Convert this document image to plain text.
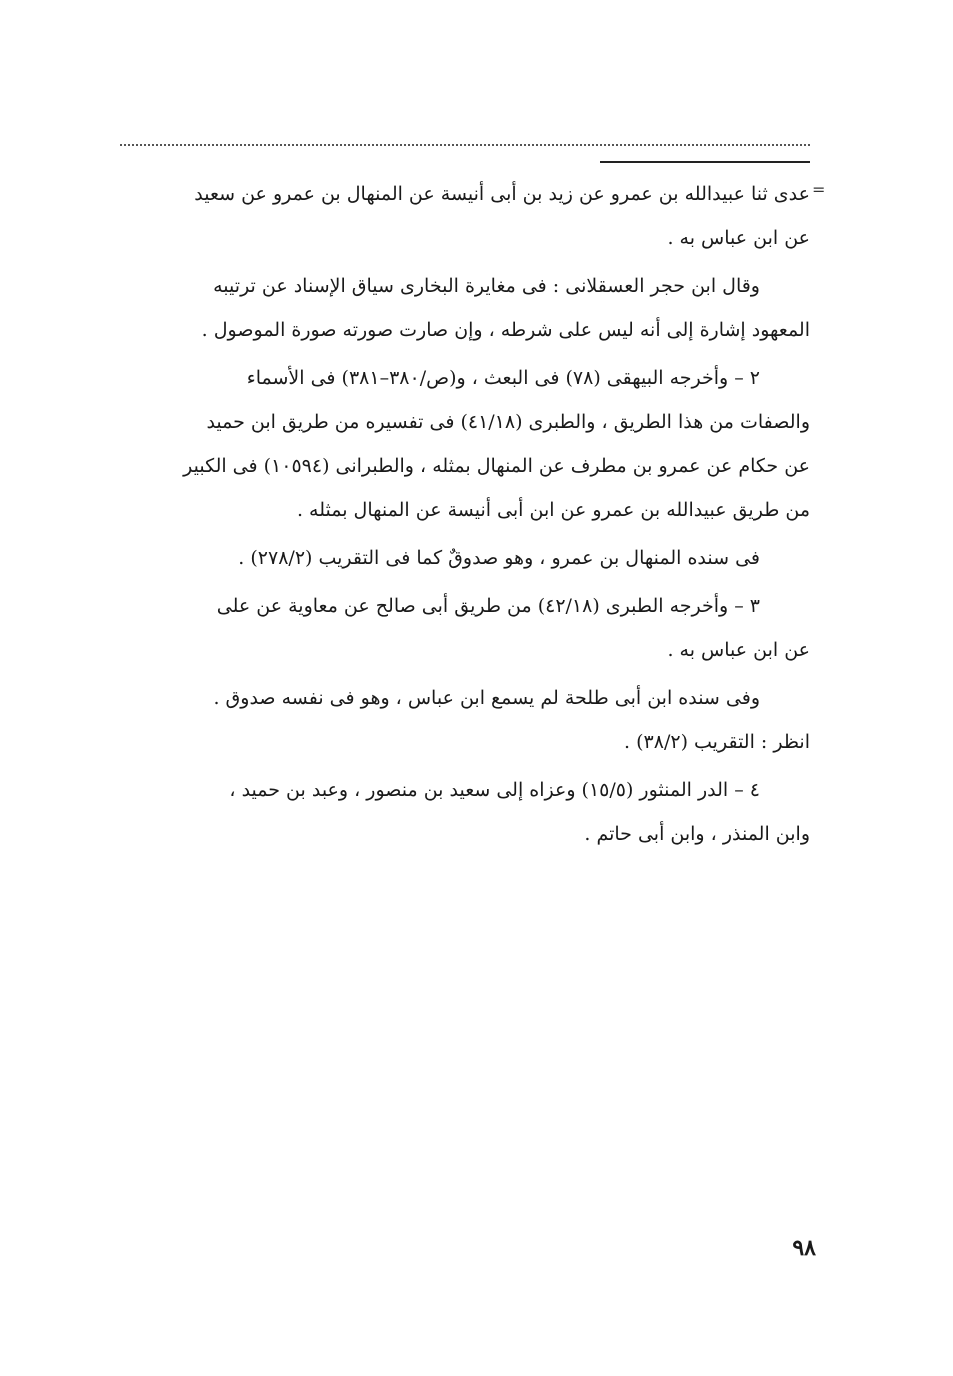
=
عدى ثنا عبيدالله بن عمرو عن زيد بن أبى أنيسة عن المنهال بن عمرو عن سعيد
عن ابن عباس به .
وقال ابن حجر العسقلانى : فى مغايرة البخارى سياق الإسناد عن ترتيبه
المعهود إشارة إلى أنه ليس على شرطه ، وإن صارت صورته صورة الموصول .
٢ – وأخرجه البيهقى (٧٨) فى البعث ، و(ص/٣٨٠–٣٨١) فى الأسماء
والصفات من هذا الطريق ، والطبرى (٤١/١٨) فى تفسيره من طريق ابن حميد
عن حكام عن عمرو بن مطرف عن المنهال بمثله ، والطبرانى (١٠٥٩٤) فى الكبير
من طريق عبيدالله بن عمرو عن ابن أبى أنيسة عن المنهال بمثله .
فى سنده المنهال بن عمرو ، وهو صدوقٌ كما فى التقريب (٢٧٨/٢) .
٣ – وأخرجه الطبرى (٤٢/١٨) من طريق أبى صالح عن معاوية عن على
عن ابن عباس به .
وفى سنده ابن أبى طلحة لم يسمع ابن عباس ، وهو فى نفسه صدوق .
انظر : التقريب (٣٨/٢) .
٤ – الدر المنثور (١٥/٥) وعزاه إلى سعيد بن منصور ، وعبد بن حميد ،
وابن المنذر ، وابن أبى حاتم .
٩٨
